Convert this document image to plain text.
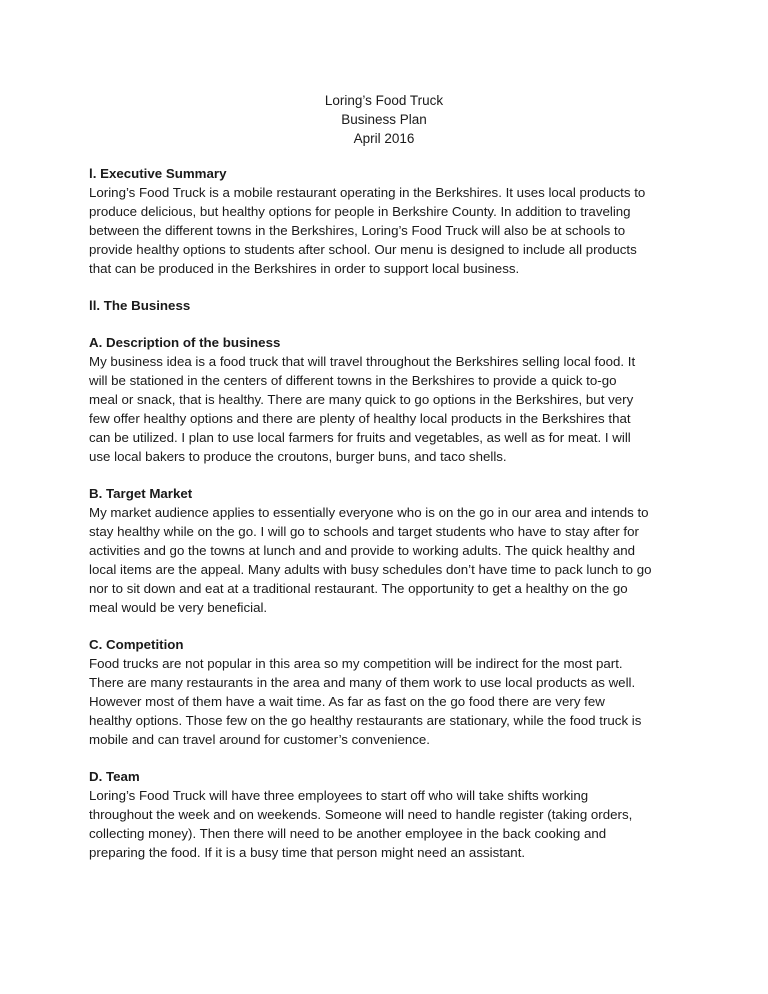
Loring’s Food Truck
Business Plan
April 2016
l. Executive Summary
Loring’s Food Truck is a mobile restaurant operating in the Berkshires. It uses local products to
produce delicious, but healthy options for people in Berkshire County. In addition to traveling
between the different towns in the Berkshires, Loring’s Food Truck will also be at schools to
provide healthy options to students after school. Our menu is designed to include all products
that can be produced in the Berkshires in order to support local business.
ll. The Business
A. Description of the business
My business idea is a food truck that will travel throughout the Berkshires selling local food. It
will be stationed in the centers of different towns in the Berkshires to provide a quick to-go
meal or snack, that is healthy. There are many quick to go options in the Berkshires, but very
few offer healthy options and there are plenty of healthy local products in the Berkshires that
can be utilized. I plan to use local farmers for fruits and vegetables, as well as for meat. I will
use local bakers to produce the croutons, burger buns, and taco shells.
B. Target Market
My market audience applies to essentially everyone who is on the go in our area and intends to
stay healthy while on the go. I will go to schools and target students who have to stay after for
activities and go the towns at lunch and and provide to working adults. The quick healthy and
local items are the appeal. Many adults with busy schedules don’t have time to pack lunch to go
nor to sit down and eat at a traditional restaurant. The opportunity to get a healthy on the go
meal would be very beneficial.
C. Competition
Food trucks are not popular in this area so my competition will be indirect for the most part.
There are many restaurants in the area and many of them work to use local products as well.
However most of them have a wait time. As far as fast on the go food there are very few
healthy options. Those few on the go healthy restaurants are stationary, while the food truck is
mobile and can travel around for customer’s convenience.
D. Team
Loring’s Food Truck will have three employees to start off who will take shifts working
throughout the week and on weekends. Someone will need to handle register (taking orders,
collecting money). Then there will need to be another employee in the back cooking and
preparing the food. If it is a busy time that person might need an assistant.
